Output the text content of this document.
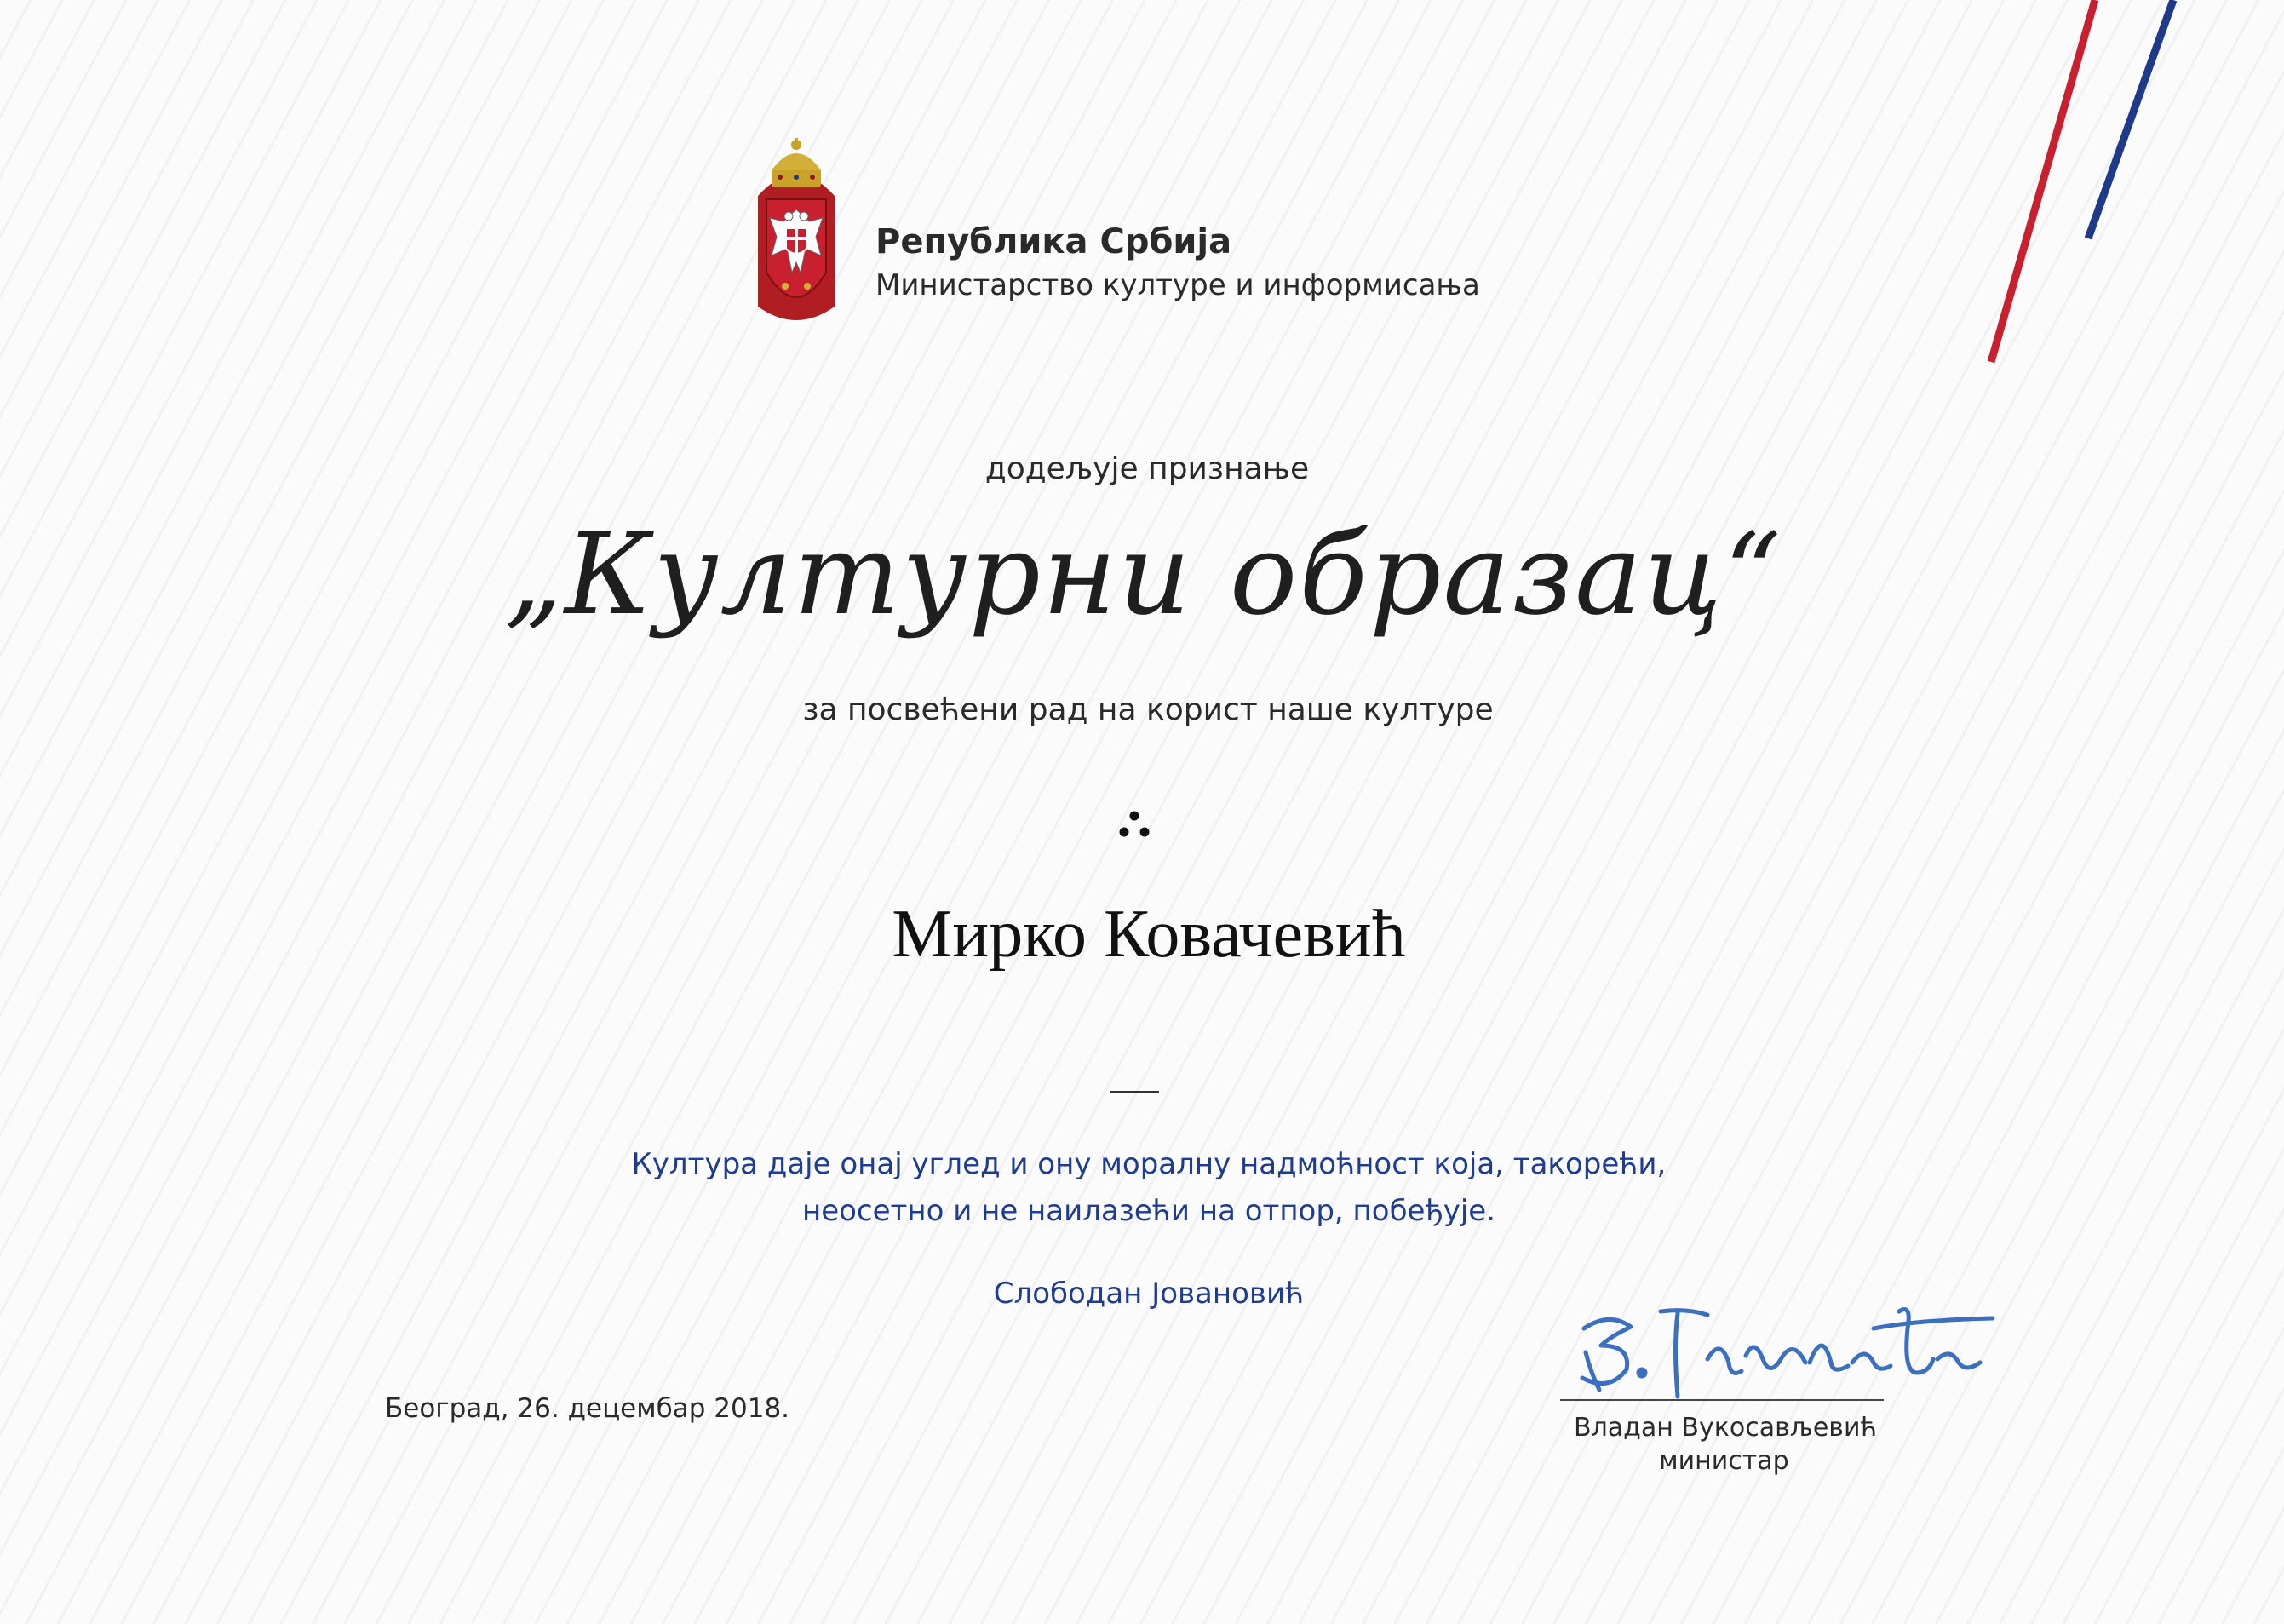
Република Србија
Министарство културе и информисања
додељује признање
„Културни образац“
за посвећени рад на корист наше културе
Мирко Ковачевић
Култура даје онај углед и ону моралну надмоћност која, такорећи,
неосетно и не наилазећи на отпор, побеђује.
Слободан Јовановић
Београд, 26. децембар 2018.
Владан Вукосављевић
министар
